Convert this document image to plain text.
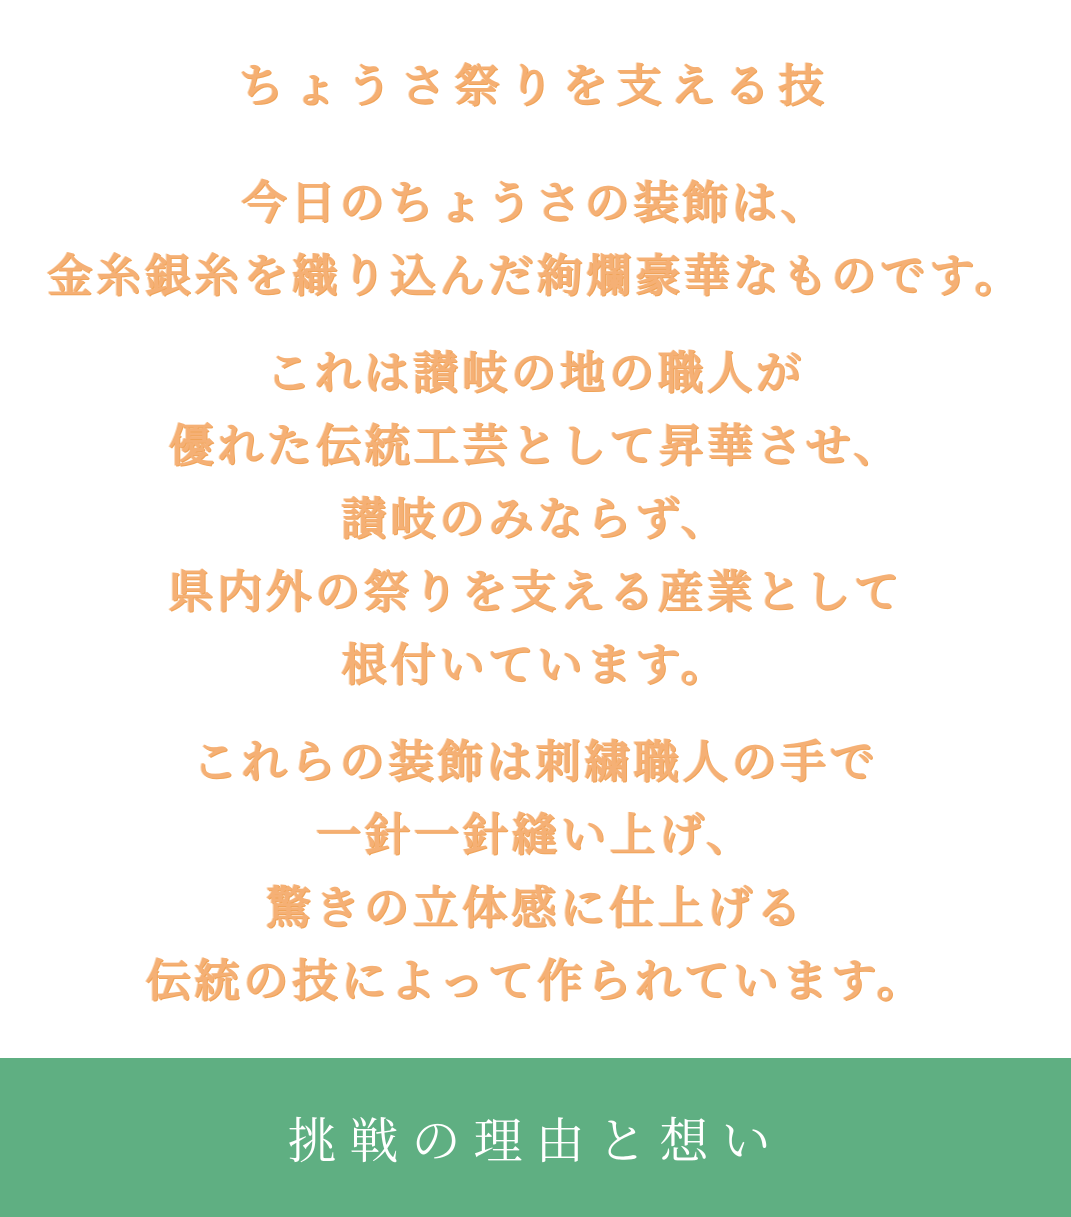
ちょうさ祭りを支える技
今日のちょうさの装飾は、
金糸銀糸を織り込んだ絢爛豪華なものです。
これは讃岐の地の職人が
優れた伝統工芸として昇華させ、
讃岐のみならず、
県内外の祭りを支える産業として
根付いています。
これらの装飾は刺繍職人の手で
一針一針縫い上げ、
驚きの立体感に仕上げる
伝統の技によって作られています。
挑戦の理由と想い
